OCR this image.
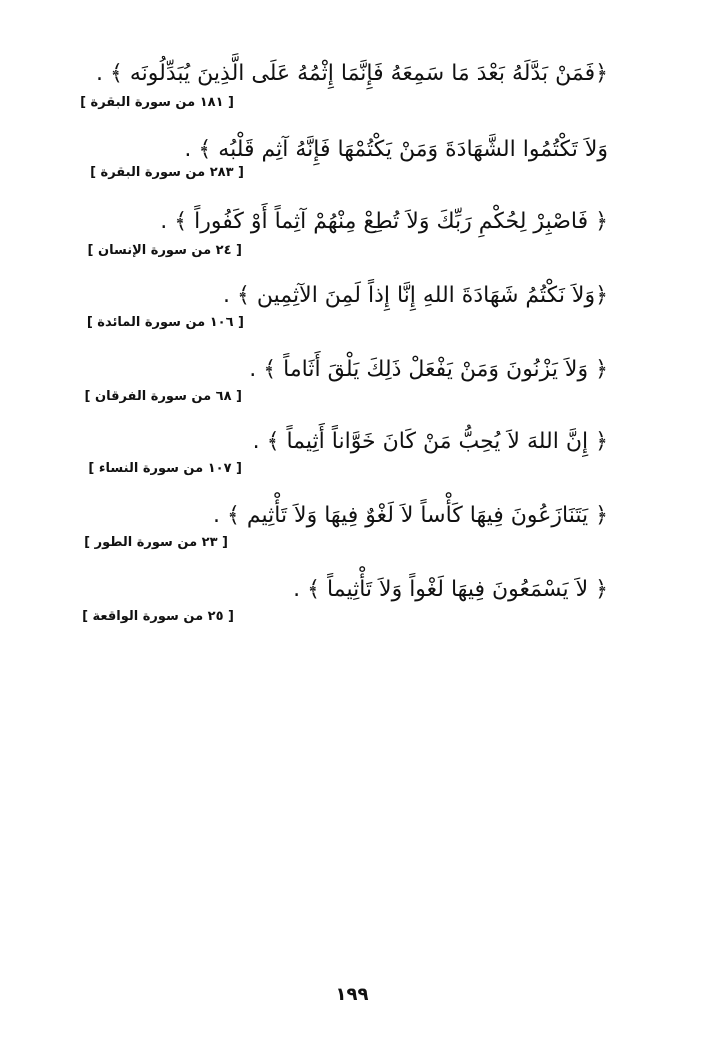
﴿فَمَنْ بَدَّلَهُ بَعْدَ مَا سَمِعَهُ فَإِنَّمَا إِثْمُهُ عَلَى الَّذِينَ يُبَدِّلُونَه ﴾ .
[ ١٨١ من سورة البقرة ]
وَلاَ تَكْتُمُوا الشَّهَادَةَ وَمَنْ يَكْتُمْهَا فَإِنَّهُ آثِم قَلْبُه ﴾ .
[ ٢٨٣ من سورة البقرة ]
﴿ فَاصْبِرْ لِحُكْمِ رَبِّكَ وَلاَ تُطِعْ مِنْهُمْ آثِماً أَوْ كَفُوراً ﴾ .
[ ٢٤ من سورة الإنسان ]
﴿وَلاَ نَكْتُمُ شَهَادَةَ اللهِ إِنَّا إِذاً لَمِنَ الآثِمِين ﴾ .
[ ١٠٦ من سورة المائدة ]
﴿ وَلاَ يَزْنُونَ وَمَنْ يَفْعَلْ ذَلِكَ يَلْقَ أَثَاماً ﴾ .
[ ٦٨ من سورة الفرقان ]
﴿ إِنَّ اللهَ لاَ يُحِبُّ مَنْ كَانَ خَوَّاناً أَثِيماً ﴾ .
[ ١٠٧ من سورة النساء ]
﴿ يَتَنَازَعُونَ فِيهَا كَأْساً لاَ لَغْوٌ فِيهَا وَلاَ تَأْثِيم ﴾ .
[ ٢٣ من سورة الطور ]
﴿ لاَ يَسْمَعُونَ فِيهَا لَغْواً وَلاَ تَأْثِيماً ﴾ .
[ ٢٥ من سورة الواقعة ]
١٩٩
